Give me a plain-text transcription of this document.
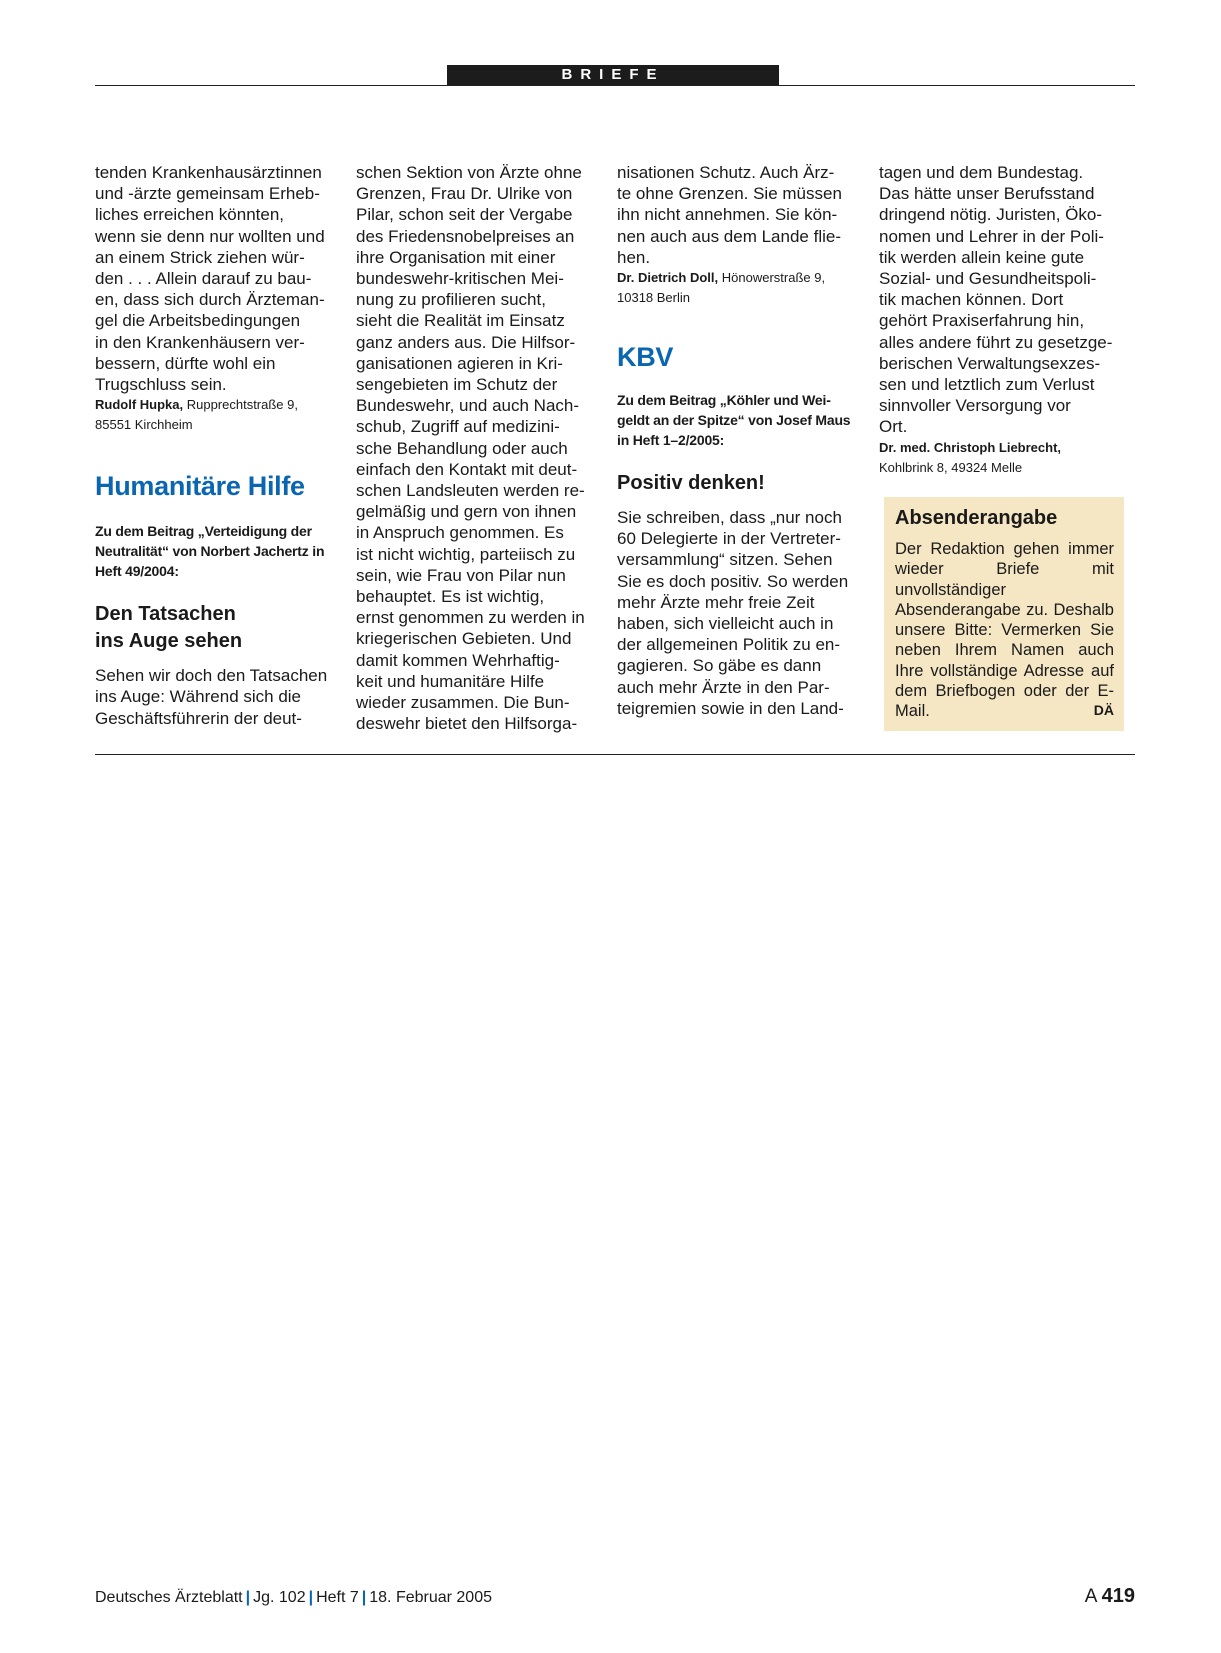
BRIEFE

tenden Krankenhausärztinnen
und -ärzte gemeinsam Erheb-
liches erreichen könnten,
wenn sie denn nur wollten und
an einem Strick ziehen wür-
den . . . Allein darauf zu bau-
en, dass sich durch Ärzteman-
gel die Arbeitsbedingungen
in den Krankenhäusern ver-
bessern, dürfte wohl ein
Trugschluss sein.

Rudolf Hupka, Rupprechtstraße 9,
85551 Kirchheim

Humanitäre Hilfe

Zu dem Beitrag „Verteidigung der
Neutralität“ von Norbert Jachertz in
Heft 49/2004:

Den Tatsachen
ins Auge sehen

Sehen wir doch den Tatsachen
ins Auge: Während sich die
Geschäftsführerin der deut-

schen Sektion von Ärzte ohne
Grenzen, Frau Dr. Ulrike von
Pilar, schon seit der Vergabe
des Friedensnobelpreises an
ihre Organisation mit einer
bundeswehr-kritischen Mei-
nung zu profilieren sucht,
sieht die Realität im Einsatz
ganz anders aus. Die Hilfsor-
ganisationen agieren in Kri-
sengebieten im Schutz der
Bundeswehr, und auch Nach-
schub, Zugriff auf medizini-
sche Behandlung oder auch
einfach den Kontakt mit deut-
schen Landsleuten werden re-
gelmäßig und gern von ihnen
in Anspruch genommen. Es
ist nicht wichtig, parteiisch zu
sein, wie Frau von Pilar nun
behauptet. Es ist wichtig,
ernst genommen zu werden in
kriegerischen Gebieten. Und
damit kommen Wehrhaftig-
keit und humanitäre Hilfe
wieder zusammen. Die Bun-
deswehr bietet den Hilfsorga-

nisationen Schutz. Auch Ärz-
te ohne Grenzen. Sie müssen
ihn nicht annehmen. Sie kön-
nen auch aus dem Lande flie-
hen.

Dr. Dietrich Doll, Hönowerstraße 9,
10318 Berlin

KBV

Zu dem Beitrag „Köhler und Wei-
geldt an der Spitze“ von Josef Maus
in Heft 1–2/2005:

Positiv denken!

Sie schreiben, dass „nur noch
60 Delegierte in der Vertreter-
versammlung“ sitzen. Sehen
Sie es doch positiv. So werden
mehr Ärzte mehr freie Zeit
haben, sich vielleicht auch in
der allgemeinen Politik zu en-
gagieren. So gäbe es dann
auch mehr Ärzte in den Par-
teigremien sowie in den Land-

tagen und dem Bundestag.
Das hätte unser Berufsstand
dringend nötig. Juristen, Öko-
nomen und Lehrer in der Poli-
tik werden allein keine gute
Sozial- und Gesundheitspoli-
tik machen können. Dort
gehört Praxiserfahrung hin,
alles andere führt zu gesetzge-
berischen Verwaltungsexzes-
sen und letztlich zum Verlust
sinnvoller Versorgung vor
Ort.

Dr. med. Christoph Liebrecht,
Kohlbrink 8, 49324 Melle

Absenderangabe

Der Redaktion gehen immer wieder Briefe mit unvollständiger Absenderangabe zu. Deshalb unsere Bitte: Vermerken Sie neben Ihrem Namen auch Ihre vollständige Adresse auf dem Briefbogen oder der E-Mail.	DÄ
Deutsches Ärzteblatt | Jg. 102 | Heft 7 | 18. Februar 2005	A 419
